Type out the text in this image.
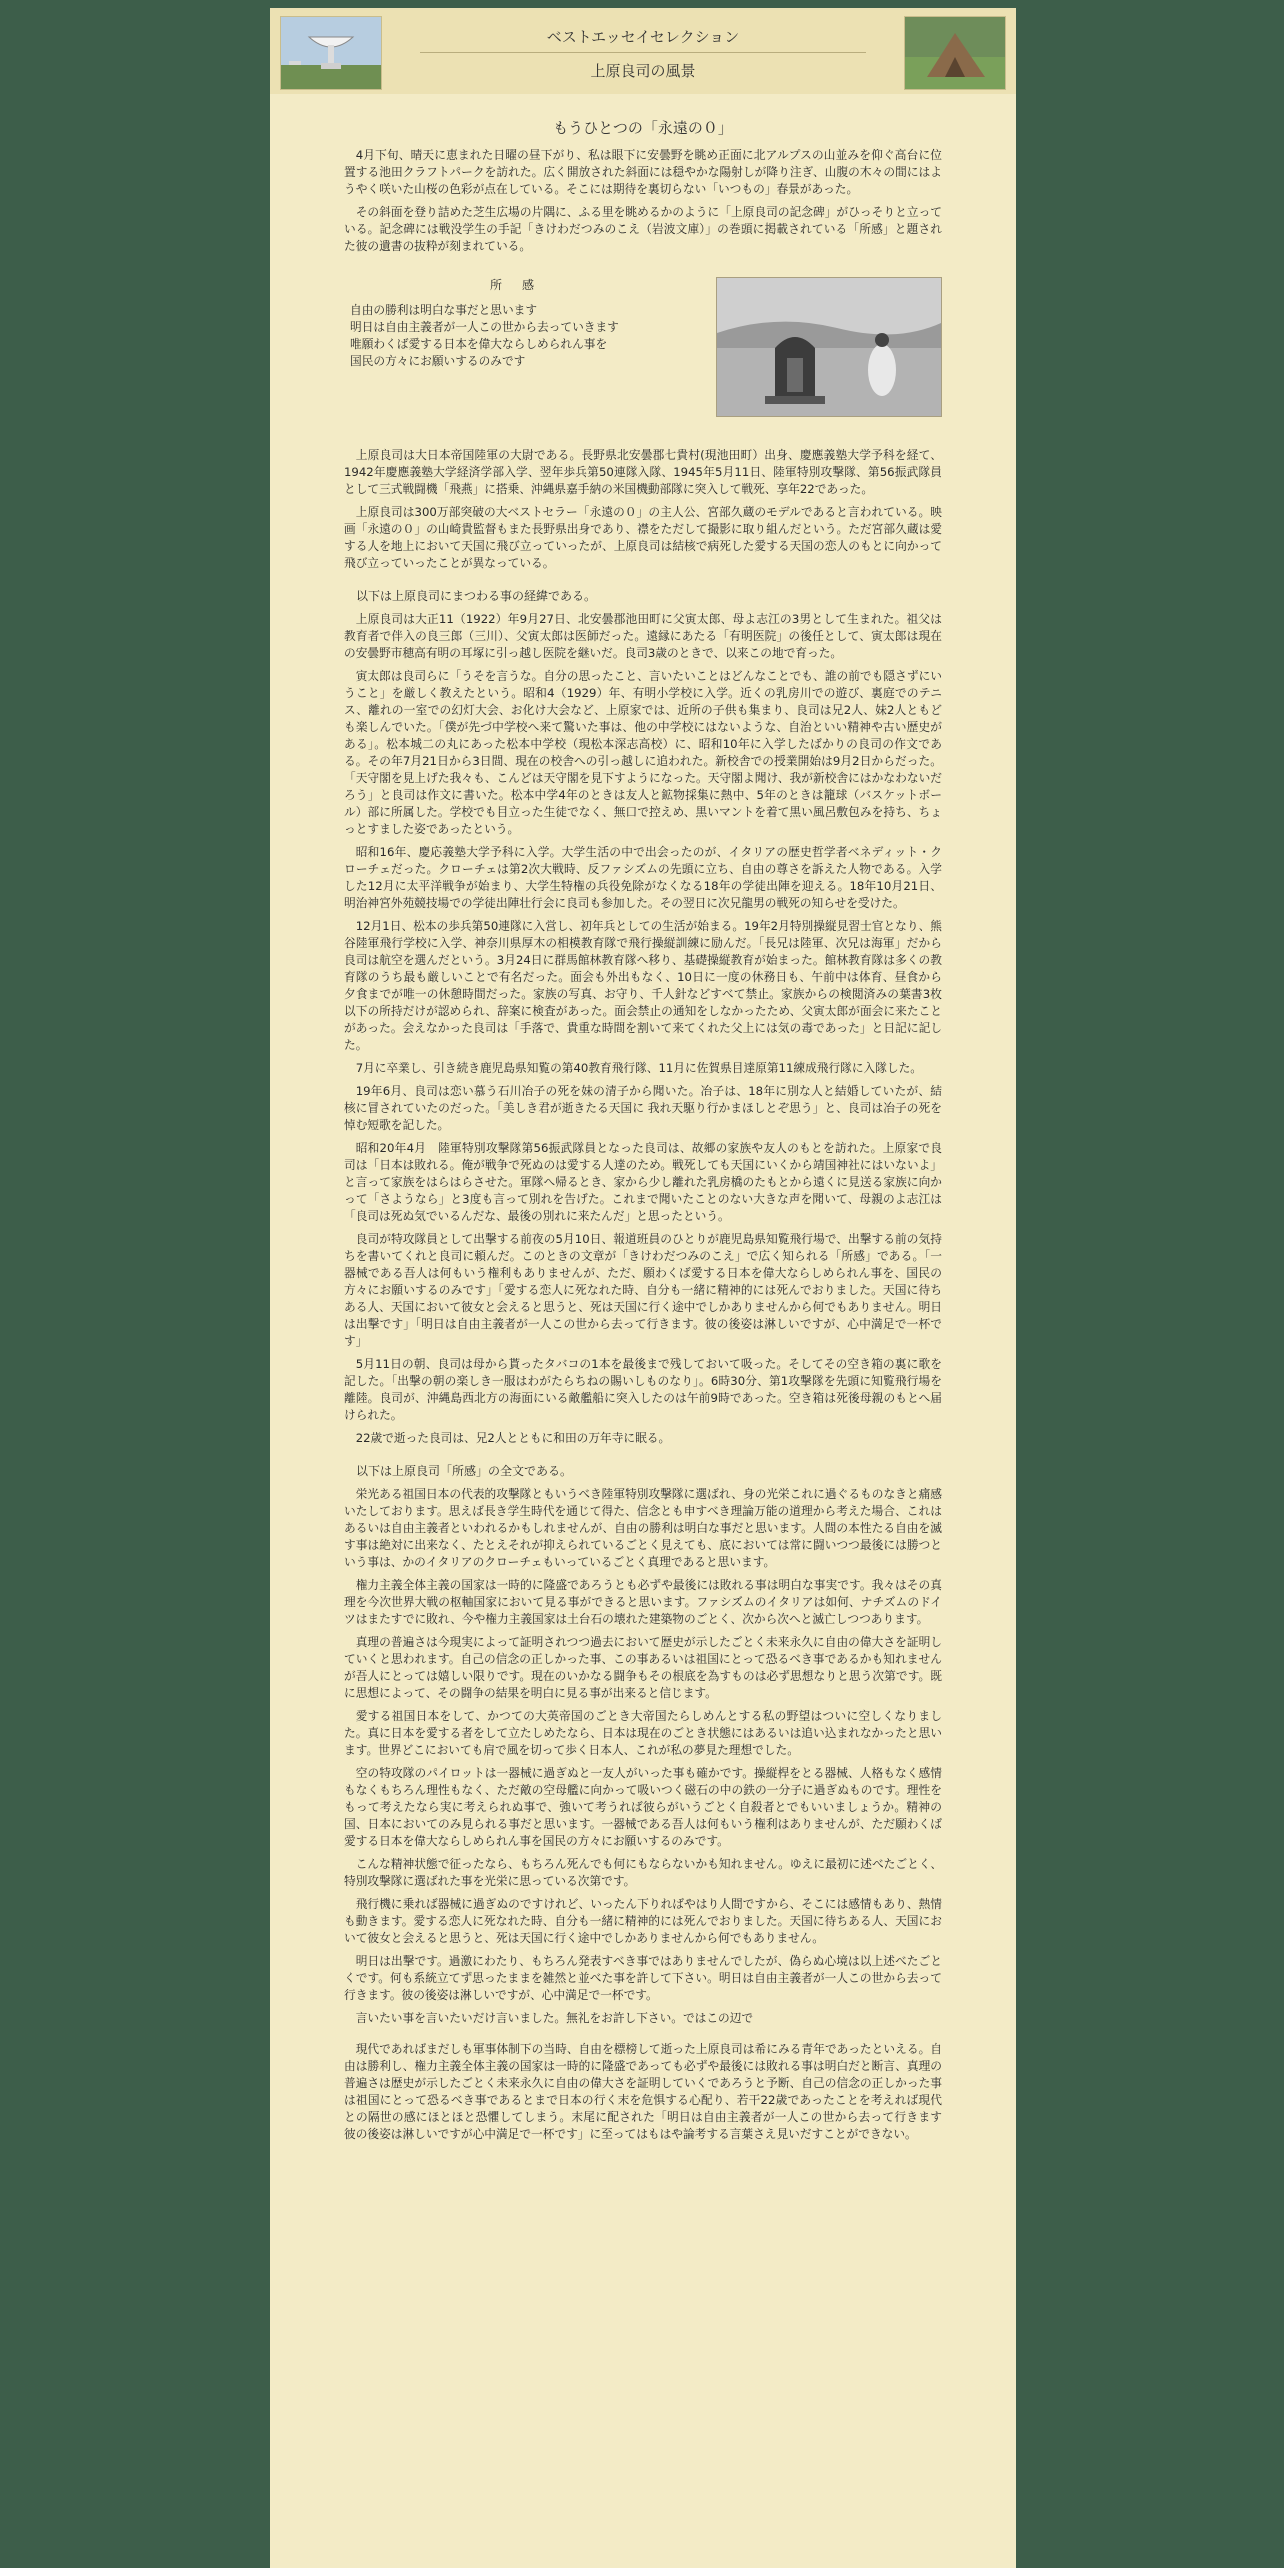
ベストエッセイセレクション
上原良司の風景
もうひとつの「永遠の０」

4月下旬、晴天に恵まれた日曜の昼下がり、私は眼下に安曇野を眺め正面に北アルプスの山並みを仰ぐ高台に位置する池田クラフトパークを訪れた。広く開放された斜面には穏やかな陽射しが降り注ぎ、山腹の木々の間にはようやく咲いた山桜の色彩が点在している。そこには期待を裏切らない「いつもの」春景があった。

その斜面を登り詰めた芝生広場の片隅に、ふる里を眺めるかのように「上原良司の記念碑」がひっそりと立っている。記念碑には戦没学生の手記「きけわだつみのこえ（岩波文庫）」の巻頭に掲載されている「所感」と題された彼の遺書の抜粋が刻まれている。

所　感
自由の勝利は明白な事だと思います
明日は自由主義者が一人この世から去っていきます
唯願わくば愛する日本を偉大ならしめられん事を
国民の方々にお願いするのみです

上原良司は大日本帝国陸軍の大尉である。長野県北安曇郡七貴村(現池田町）出身、慶應義塾大学予科を経て、1942年慶應義塾大学経済学部入学、翌年歩兵第50連隊入隊、1945年5月11日、陸軍特別攻撃隊、第56振武隊員として三式戦闘機「飛燕」に搭乗、沖縄県嘉手納の米国機動部隊に突入して戦死、享年22であった。

上原良司は300万部突破の大ベストセラー「永遠の０」の主人公、宮部久蔵のモデルであると言われている。映画「永遠の０」の山崎貴監督もまた長野県出身であり、襟をただして撮影に取り組んだという。ただ宮部久蔵は愛する人を地上において天国に飛び立っていったが、上原良司は結核で病死した愛する天国の恋人のもとに向かって飛び立っていったことが異なっている。

以下は上原良司にまつわる事の経緯である。

上原良司は大正11（1922）年9月27日、北安曇郡池田町に父寅太郎、母よ志江の3男として生まれた。祖父は教育者で伴入の良三郎（三川）、父寅太郎は医師だった。遠縁にあたる「有明医院」の後任として、寅太郎は現在の安曇野市穂高有明の耳塚に引っ越し医院を継いだ。良司3歳のときで、以来この地で育った。

寅太郎は良司らに「うそを言うな。自分の思ったこと、言いたいことはどんなことでも、誰の前でも隠さずにいうこと」を厳しく教えたという。昭和4（1929）年、有明小学校に入学。近くの乳房川での遊び、裏庭でのテニス、離れの一室での幻灯大会、お化け大会など、上原家では、近所の子供も集まり、良司は兄2人、妹2人ともども楽しんでいた。「僕が先づ中学校へ来て驚いた事は、他の中学校にはないような、自治といい精神や古い歴史がある」。松本城二の丸にあった松本中学校（現松本深志高校）に、昭和10年に入学したばかりの良司の作文である。その年7月21日から3日間、現在の校舎への引っ越しに追われた。新校舎での授業開始は9月2日からだった。「天守閣を見上げた我々も、こんどは天守閣を見下すようになった。天守閣よ聞け、我が新校舎にはかなわないだろう」と良司は作文に書いた。松本中学4年のときは友人と鉱物採集に熱中、5年のときは籠球（バスケットボール）部に所属した。学校でも目立った生徒でなく、無口で控えめ、黒いマントを着て黒い風呂敷包みを持ち、ちょっとすました姿であったという。

昭和16年、慶応義塾大学予科に入学。大学生活の中で出会ったのが、イタリアの歴史哲学者ベネディット・クローチェだった。クローチェは第2次大戦時、反ファシズムの先頭に立ち、自由の尊さを訴えた人物である。入学した12月に太平洋戦争が始まり、大学生特権の兵役免除がなくなる18年の学徒出陣を迎える。18年10月21日、明治神宮外苑競技場での学徒出陣壮行会に良司も参加した。その翌日に次兄龍男の戦死の知らせを受けた。

12月1日、松本の歩兵第50連隊に入営し、初年兵としての生活が始まる。19年2月特別操縦見習士官となり、熊谷陸軍飛行学校に入学、神奈川県厚木の相模教育隊で飛行操縦訓練に励んだ。「長兄は陸軍、次兄は海軍」だから良司は航空を選んだという。3月24日に群馬館林教育隊へ移り、基礎操縦教育が始まった。館林教育隊は多くの教育隊のうち最も厳しいことで有名だった。面会も外出もなく、10日に一度の休務日も、午前中は体育、昼食から夕食までが唯一の休憩時間だった。家族の写真、お守り、千人針などすべて禁止。家族からの検閲済みの葉書3枚以下の所持だけが認められ、辞案に検査があった。面会禁止の通知をしなかったため、父寅太郎が面会に来たことがあった。会えなかった良司は「手落で、貴重な時間を割いて来てくれた父上には気の毒であった」と日記に記した。

7月に卒業し、引き続き鹿児島県知覧の第40教育飛行隊、11月に佐賀県目達原第11練成飛行隊に入隊した。

19年6月、良司は恋い慕う石川冶子の死を妹の清子から聞いた。冶子は、18年に別な人と結婚していたが、結核に冒されていたのだった。「美しき君が逝きたる天国に 我れ天駆り行かまほしとぞ思う」と、良司は冶子の死を悼む短歌を記した。

昭和20年4月　陸軍特別攻撃隊第56振武隊員となった良司は、故郷の家族や友人のもとを訪れた。上原家で良司は「日本は敗れる。俺が戦争で死ぬのは愛する人達のため。戦死しても天国にいくから靖国神社にはいないよ」と言って家族をはらはらさせた。軍隊へ帰るとき、家から少し離れた乳房橋のたもとから遠くに見送る家族に向かって「さようなら」と3度も言って別れを告げた。これまで聞いたことのない大きな声を聞いて、母親のよ志江は「良司は死ぬ気でいるんだな、最後の別れに来たんだ」と思ったという。

良司が特攻隊員として出撃する前夜の5月10日、報道班員のひとりが鹿児島県知覧飛行場で、出撃する前の気持ちを書いてくれと良司に頼んだ。このときの文章が「きけわだつみのこえ」で広く知られる「所感」である。「一器械である吾人は何もいう権利もありませんが、ただ、願わくば愛する日本を偉大ならしめられん事を、国民の方々にお願いするのみです」「愛する恋人に死なれた時、自分も一緒に精神的には死んでおりました。天国に待ちある人、天国において彼女と会えると思うと、死は天国に行く途中でしかありませんから何でもありません。明日は出撃です」「明日は自由主義者が一人この世から去って行きます。彼の後姿は淋しいですが、心中満足で一杯です」

5月11日の朝、良司は母から貰ったタバコの1本を最後まで残しておいて吸った。そしてその空き箱の裏に歌を記した。「出撃の朝の楽しき一服はわがたらちねの賜いしものなり」。6時30分、第1攻撃隊を先頭に知覧飛行場を離陸。良司が、沖縄島西北方の海面にいる敵艦船に突入したのは午前9時であった。空き箱は死後母親のもとへ届けられた。

22歳で逝った良司は、兄2人とともに和田の万年寺に眠る。

以下は上原良司「所感」の全文である。

栄光ある祖国日本の代表的攻撃隊ともいうべき陸軍特別攻撃隊に選ばれ、身の光栄これに過ぐるものなきと痛感いたしております。思えば長き学生時代を通じて得た、信念とも申すべき理論万能の道理から考えた場合、これはあるいは自由主義者といわれるかもしれませんが、自由の勝利は明白な事だと思います。人間の本性たる自由を滅す事は絶対に出来なく、たとえそれが抑えられているごとく見えても、底においては常に闘いつつ最後には勝つという事は、かのイタリアのクローチェもいっているごとく真理であると思います。

権力主義全体主義の国家は一時的に隆盛であろうとも必ずや最後には敗れる事は明白な事実です。我々はその真理を今次世界大戦の枢軸国家において見る事ができると思います。ファシズムのイタリアは如何、ナチズムのドイツはまたすでに敗れ、今や権力主義国家は土台石の壊れた建築物のごとく、次から次へと滅亡しつつあります。

真理の普遍さは今現実によって証明されつつ過去において歴史が示したごとく未来永久に自由の偉大さを証明していくと思われます。自己の信念の正しかった事、この事あるいは祖国にとって恐るべき事であるかも知れませんが吾人にとっては嬉しい限りです。現在のいかなる闘争もその根底を為すものは必ず思想なりと思う次第です。既に思想によって、その闘争の結果を明白に見る事が出来ると信じます。

愛する祖国日本をして、かつての大英帝国のごとき大帝国たらしめんとする私の野望はついに空しくなりました。真に日本を愛する者をして立たしめたなら、日本は現在のごとき状態にはあるいは追い込まれなかったと思います。世界どこにおいても肩で風を切って歩く日本人、これが私の夢見た理想でした。

空の特攻隊のパイロットは一器械に過ぎぬと一友人がいった事も確かです。操縦桿をとる器械、人格もなく感情もなくもちろん理性もなく、ただ敵の空母艦に向かって吸いつく磁石の中の鉄の一分子に過ぎぬものです。理性をもって考えたなら実に考えられぬ事で、強いて考うれば彼らがいうごとく自殺者とでもいいましょうか。精神の国、日本においてのみ見られる事だと思います。一器械である吾人は何もいう権利はありませんが、ただ願わくば愛する日本を偉大ならしめられん事を国民の方々にお願いするのみです。

こんな精神状態で征ったなら、もちろん死んでも何にもならないかも知れません。ゆえに最初に述べたごとく、特別攻撃隊に選ばれた事を光栄に思っている次第です。

飛行機に乗れば器械に過ぎぬのですけれど、いったん下りればやはり人間ですから、そこには感情もあり、熱情も動きます。愛する恋人に死なれた時、自分も一緒に精神的には死んでおりました。天国に待ちある人、天国において彼女と会えると思うと、死は天国に行く途中でしかありませんから何でもありません。

明日は出撃です。過激にわたり、もちろん発表すべき事ではありませんでしたが、偽らぬ心境は以上述べたごとくです。何も系統立てず思ったままを雑然と並べた事を許して下さい。明日は自由主義者が一人この世から去って行きます。彼の後姿は淋しいですが、心中満足で一杯です。

言いたい事を言いたいだけ言いました。無礼をお許し下さい。ではこの辺で

現代であればまだしも軍事体制下の当時、自由を標榜して逝った上原良司は希にみる青年であったといえる。自由は勝利し、権力主義全体主義の国家は一時的に隆盛であっても必ずや最後には敗れる事は明白だと断言、真理の普遍さは歴史が示したごとく未来永久に自由の偉大さを証明していくであろうと予断、自己の信念の正しかった事は祖国にとって恐るべき事であるとまで日本の行く末を危惧する心配り、若干22歳であったことを考えれば現代との隔世の感にほとほと恐懼してしまう。末尾に配された「明日は自由主義者が一人この世から去って行きます 彼の後姿は淋しいですが心中満足で一杯です」に至ってはもはや論考する言葉さえ見いだすことができない。
